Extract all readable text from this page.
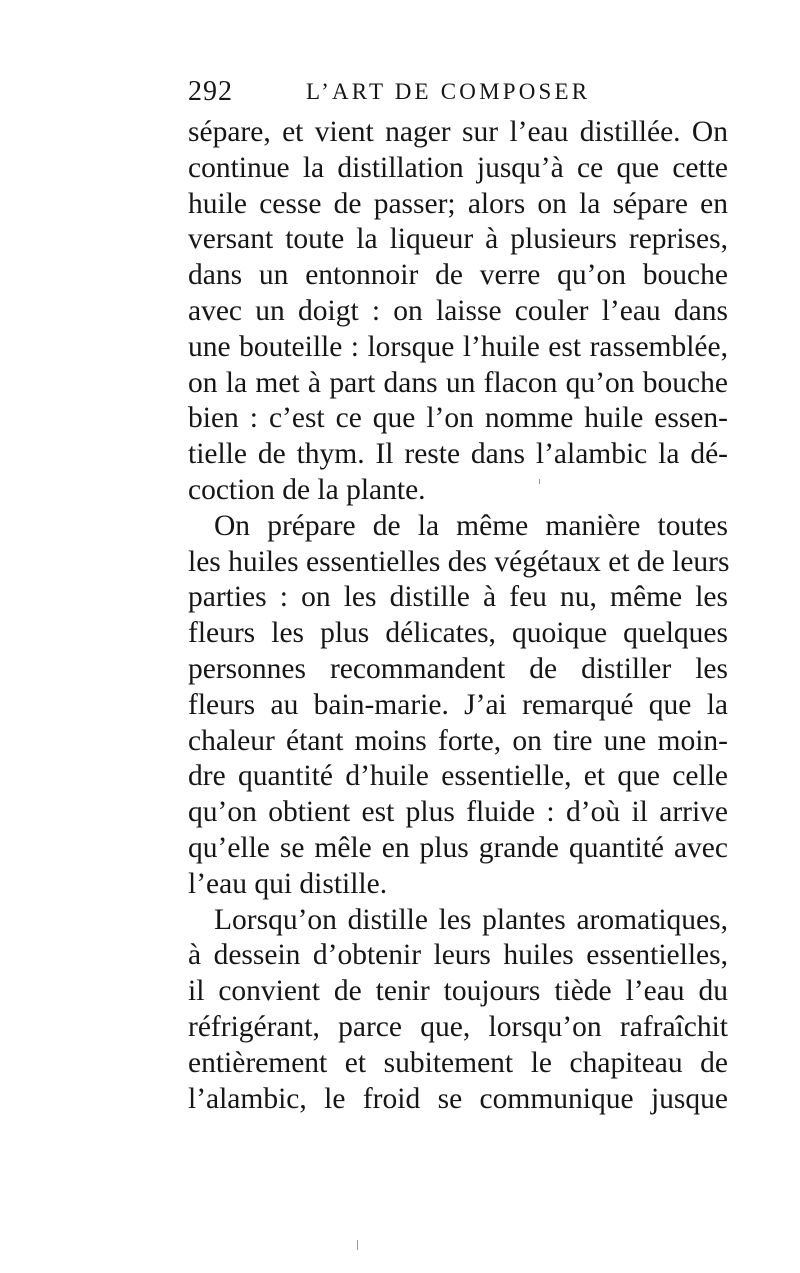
292	L’ART DE COMPOSER
sépare, et vient nager sur l’eau distillée. On
continue la distillation jusqu’à ce que cette
huile cesse de passer; alors on la sépare en
versant toute la liqueur à plusieurs reprises,
dans un entonnoir de verre qu’on bouche
avec un doigt : on laisse couler l’eau dans
une bouteille : lorsque l’huile est rassemblée,
on la met à part dans un flacon qu’on bouche
bien : c’est ce que l’on nomme huile essen-
tielle de thym. Il reste dans l’alambic la dé-
coction de la plante.
On prépare de la même manière toutes
les huiles essentielles des végétaux et de leurs
parties : on les distille à feu nu, même les
fleurs les plus délicates, quoique quelques
personnes recommandent de distiller les
fleurs au bain-marie. J’ai remarqué que la
chaleur étant moins forte, on tire une moin-
dre quantité d’huile essentielle, et que celle
qu’on obtient est plus fluide : d’où il arrive
qu’elle se mêle en plus grande quantité avec
l’eau qui distille.
Lorsqu’on distille les plantes aromatiques,
à dessein d’obtenir leurs huiles essentielles,
il convient de tenir toujours tiède l’eau du
réfrigérant, parce que, lorsqu’on rafraîchit
entièrement et subitement le chapiteau de
l’alambic, le froid se communique jusque
